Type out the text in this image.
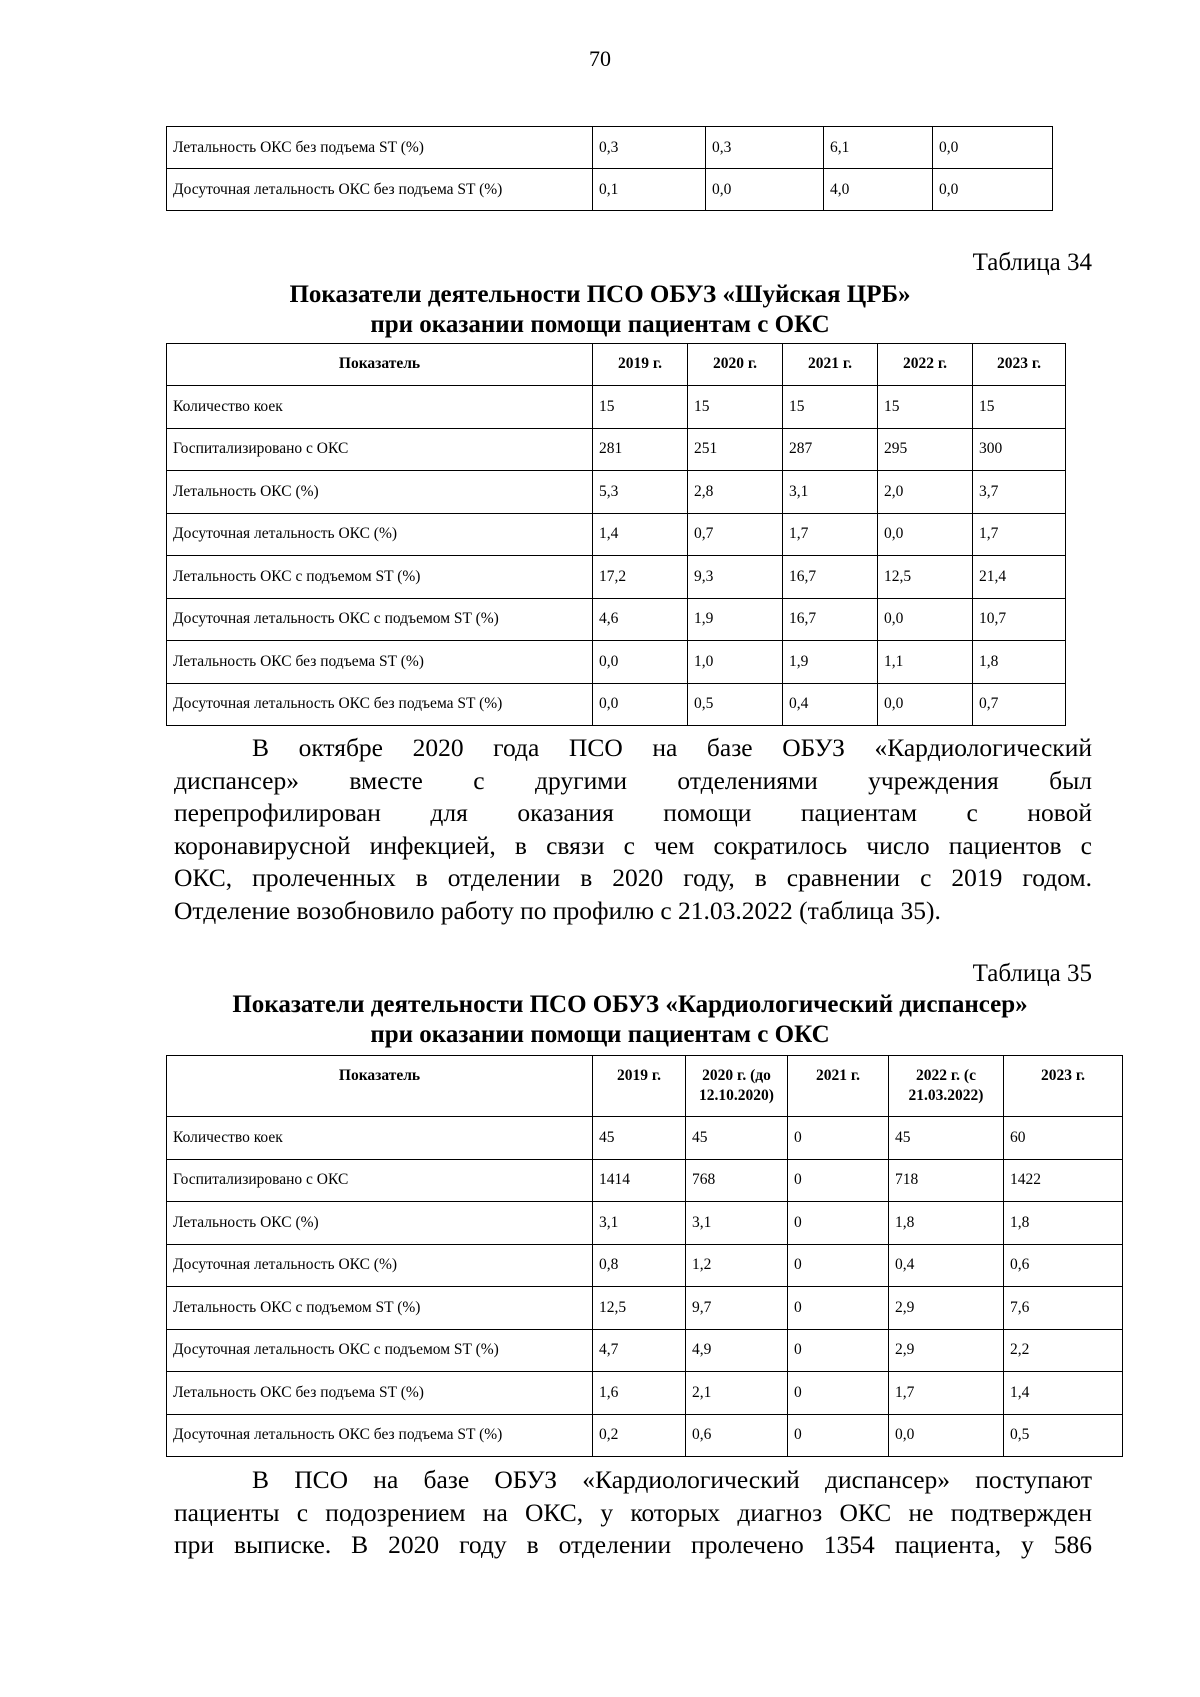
70
Летальность ОКС без подъема ST (%)	0,3	0,3	6,1	0,0
Досуточная летальность ОКС без подъема ST (%)	0,1	0,0	4,0	0,0
Таблица 34
Показатели деятельности ПСО ОБУЗ «Шуйская ЦРБ»
при оказании помощи пациентам с ОКС
Показатель	2019 г.	2020 г.	2021 г.	2022 г.	2023 г.
Количество коек	15	15	15	15	15
Госпитализировано с ОКС	281	251	287	295	300
Летальность ОКС (%)	5,3	2,8	3,1	2,0	3,7
Досуточная летальность ОКС (%)	1,4	0,7	1,7	0,0	1,7
Летальность ОКС с подъемом ST (%)	17,2	9,3	16,7	12,5	21,4
Досуточная летальность ОКС с подъемом ST (%)	4,6	1,9	16,7	0,0	10,7
Летальность ОКС без подъема ST (%)	0,0	1,0	1,9	1,1	1,8
Досуточная летальность ОКС без подъема ST (%)	0,0	0,5	0,4	0,0	0,7
В октябре 2020 года ПСО на базе ОБУЗ «Кардиологический
диспансер» вместе с другими отделениями учреждения был
перепрофилирован для оказания помощи пациентам с новой
коронавирусной инфекцией, в связи с чем сократилось число пациентов с
ОКС, пролеченных в отделении в 2020 году, в сравнении с 2019 годом.
Отделение возобновило работу по профилю с 21.03.2022 (таблица 35).
Таблица 35
Показатели деятельности ПСО ОБУЗ «Кардиологический диспансер»
при оказании помощи пациентам с ОКС
Показатель	2019 г.	2020 г. (до 12.10.2020)	2021 г.	2022 г. (с 21.03.2022)	2023 г.
Количество коек	45	45	0	45	60
Госпитализировано с ОКС	1414	768	0	718	1422
Летальность ОКС (%)	3,1	3,1	0	1,8	1,8
Досуточная летальность ОКС (%)	0,8	1,2	0	0,4	0,6
Летальность ОКС с подъемом ST (%)	12,5	9,7	0	2,9	7,6
Досуточная летальность ОКС с подъемом ST (%)	4,7	4,9	0	2,9	2,2
Летальность ОКС без подъема ST (%)	1,6	2,1	0	1,7	1,4
Досуточная летальность ОКС без подъема ST (%)	0,2	0,6	0	0,0	0,5
В ПСО на базе ОБУЗ «Кардиологический диспансер» поступают
пациенты с подозрением на ОКС, у которых диагноз ОКС не подтвержден
при выписке. В 2020 году в отделении пролечено 1354 пациента, у 586
